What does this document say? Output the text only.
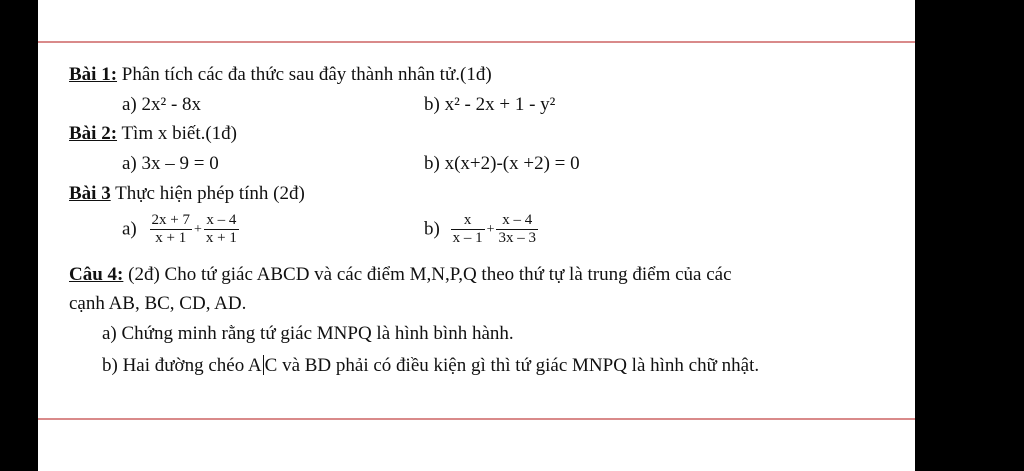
Bài 1: Phân tích các đa thức sau đây thành nhân tử.(1đ)
a) 2x² - 8x	b) x² - 2x + 1 - y²
Bài 2: Tìm x biết.(1đ)
a) 3x – 9 = 0	b) x(x+2)-(x +2) = 0
Bài 3 Thực hiện phép tính (2đ)
$a) \frac{2x + 7}{x + 1} + \frac{x - 4}{x + 1}$	$b) \frac{x}{x - 1} + \frac{x - 4}{3x - 3}$
Câu 4: (2đ) Cho tứ giác ABCD và các điểm M,N,P,Q theo thứ tự là trung điểm của các
cạnh AB, BC, CD, AD.
a) Chứng minh rằng tứ giác MNPQ là hình bình hành.
b) Hai đường chéo A C và BD phải có điều kiện gì thì tứ giác MNPQ là hình chữ nhật.
